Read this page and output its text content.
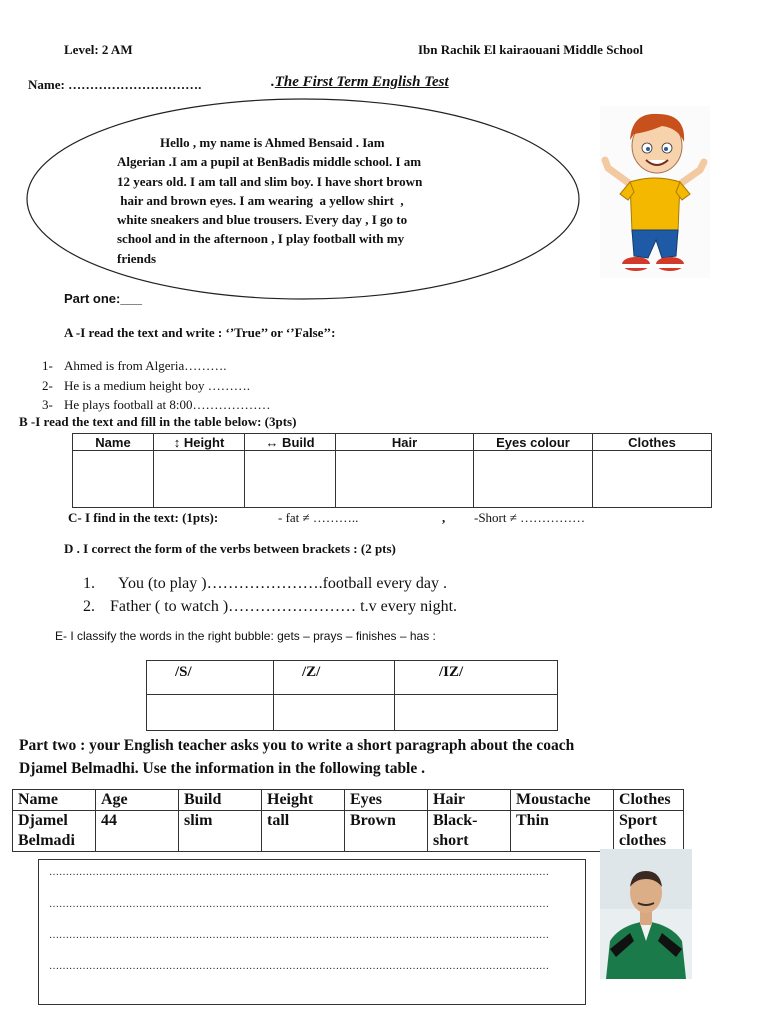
Level: 2 AM	Ibn Rachik El kairaouani Middle School
Name: ………………………….	.The First Term English Test
Hello , my name is Ahmed Bensaid . Iam
Algerian .I am a pupil at BenBadis middle school. I am
12 years old. I am tall and slim boy. I have short brown
hair and brown eyes. I am wearing  a yellow shirt  ,
white sneakers and blue trousers. Every day , I go to
school and in the afternoon , I play football with my
friends
Part one:___
A -I read the text and write : ‘’True’’ or ‘’False’’:
1- Ahmed is from Algeria……….
2- He is a medium height boy ……….
3- He plays football at 8:00………………
B -I read the text and fill in the table below: (3pts)
Name	↕ Height	↔ Build	Hair	Eyes colour	Clothes

C- I find in the text: (1pts):	- fat ≠ ………..	, -Short ≠ ……………
D . I correct the form of the verbs between brackets : (2 pts)
1. You (to play )………………….football every day .
2. Father ( to watch )…………………… t.v every night.
E- I classify the words in the right bubble: gets – prays – finishes – has :
/S/	/Z/	/IZ/

Part two : your English teacher asks you to write a short paragraph about the coach
Djamel Belmadhi. Use the information in the following table .
Name	Age	Build	Height	Eyes	Hair	Moustache	Clothes
Djamel Belmadi	44	slim	tall	Brown	Black-short	Thin	Sport clothes
……………………………………………………………………………………………………………………………………
……………………………………………………………………………………………………………………………………
……………………………………………………………………………………………………………………………………
……………………………………………………………………………………………………………………………………
